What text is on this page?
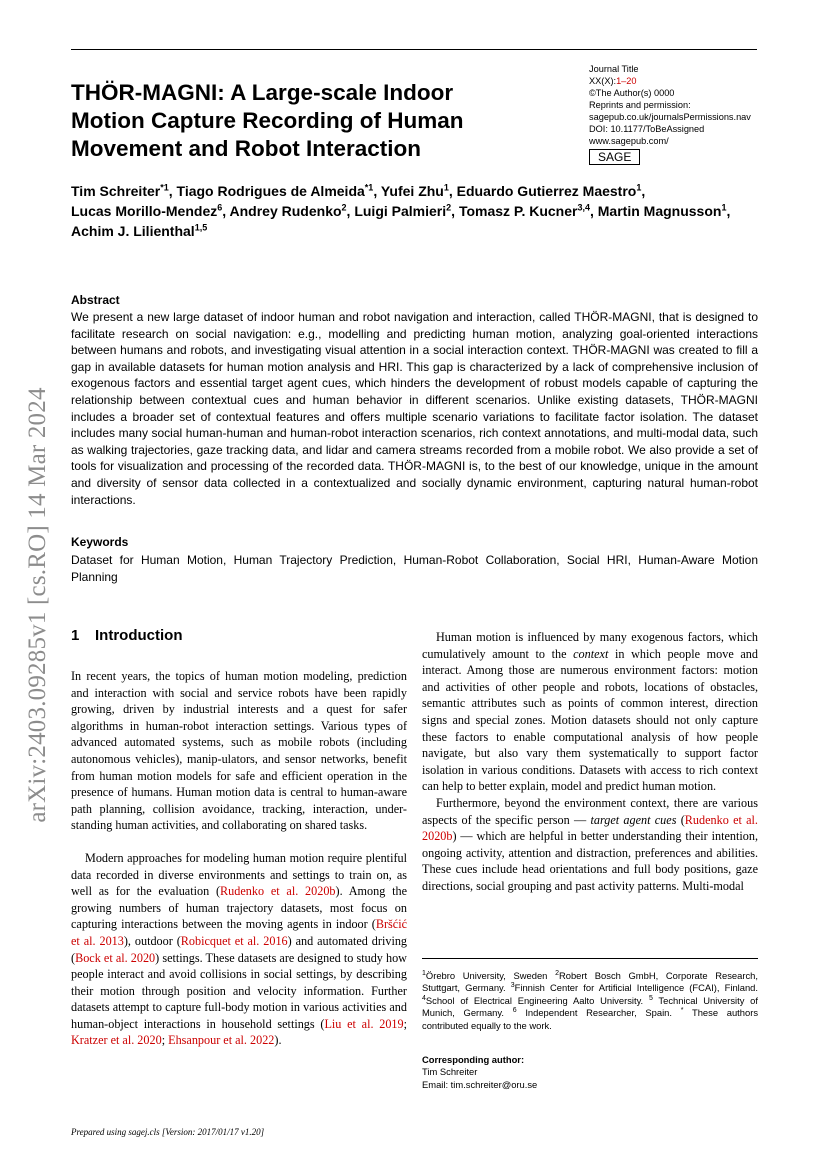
arXiv:2403.09285v1 [cs.RO] 14 Mar 2024
THÖR-MAGNI: A Large-scale Indoor
Motion Capture Recording of Human
Movement and Robot Interaction
Journal Title
XX(X):1–20
©The Author(s) 0000
Reprints and permission:
sagepub.co.uk/journalsPermissions.nav
DOI: 10.1177/ToBeAssigned
www.sagepub.com/
SAGE
Tim Schreiter$^{*1}$, Tiago Rodrigues de Almeida$^{*1}$, Yufei Zhu$^1$, Eduardo Gutierrez Maestro$^1$,
Lucas Morillo-Mendez$^6$, Andrey Rudenko$^2$, Luigi Palmieri$^2$, Tomasz P. Kucner$^{3,4}$, Martin Magnusson$^1$, Achim J. Lilienthal$^{1,5}$
Abstract
We present a new large dataset of indoor human and robot navigation and interaction, called THÖR-MAGNI, that is designed to facilitate research on social navigation: e.g., modelling and predicting human motion, analyzing goal-oriented interactions between humans and robots, and investigating visual attention in a social interaction context. THÖR-MAGNI was created to fill a gap in available datasets for human motion analysis and HRI. This gap is characterized by a lack of comprehensive inclusion of exogenous factors and essential target agent cues, which hinders the development of robust models capable of capturing the relationship between contextual cues and human behavior in different scenarios. Unlike existing datasets, THÖR-MAGNI includes a broader set of contextual features and offers multiple scenario variations to facilitate factor isolation. The dataset includes many social human-human and human-robot interaction scenarios, rich context annotations, and multi-modal data, such as walking trajectories, gaze tracking data, and lidar and camera streams recorded from a mobile robot. We also provide a set of tools for visualization and processing of the recorded data. THÖR-MAGNI is, to the best of our knowledge, unique in the amount and diversity of sensor data collected in a contextualized and socially dynamic environment, capturing natural human-robot interactions.
Keywords
Dataset for Human Motion, Human Trajectory Prediction, Human-Robot Collaboration, Social HRI, Human-Aware Motion Planning
1 Introduction

In recent years, the topics of human motion modeling, prediction and interaction with social and service robots have been rapidly growing, driven by industrial interests and a quest for safer algorithms in human-robot interaction settings. Various types of advanced automated systems, such as mobile robots (including autonomous vehicles), manip-ulators, and sensor networks, benefit from human motion models for safe and efficient operation in the presence of humans. Human motion data is central to human-aware path planning, collision avoidance, tracking, interaction, under-standing human activities, and collaborating on shared tasks.

Modern approaches for modeling human motion require plentiful data recorded in diverse environments and settings to train on, as well as for the evaluation (Rudenko et al. 2020b). Among the growing numbers of human trajectory datasets, most focus on capturing interactions between the moving agents in indoor (Bršćić et al. 2013), outdoor (Robicquet et al. 2016) and automated driving (Bock et al. 2020) settings. These datasets are designed to study how people interact and avoid collisions in social settings, by describing their motion through position and velocity information. Further datasets attempt to capture full-body motion in various activities and human-object interactions in household settings (Liu et al. 2019; Kratzer et al. 2020; Ehsanpour et al. 2022).

Human motion is influenced by many exogenous factors, which cumulatively amount to the context in which people move and interact. Among those are numerous environment factors: motion and activities of other people and robots, locations of obstacles, semantic attributes such as points of common interest, direction signs and special zones. Motion datasets should not only capture these factors to enable computational analysis of how people navigate, but also vary them systematically to support factor isolation in various conditions. Datasets with access to rich context can help to better explain, model and predict human motion.

Furthermore, beyond the environment context, there are various aspects of the specific person — target agent cues (Rudenko et al. 2020b) — which are helpful in better understanding their intention, ongoing activity, attention and distraction, preferences and abilities. These cues include head orientations and full body positions, gaze directions, social grouping and past activity patterns. Multi-modal

$^1$Örebro University, Sweden $^2$Robert Bosch GmbH, Corporate Research, Stuttgart, Germany. $^3$Finnish Center for Artificial Intelligence (FCAI), Finland. $^4$School of Electrical Engineering Aalto University. $^5$ Technical University of Munich, Germany. $^6$ Independent Researcher, Spain. * These authors contributed equally to the work.
Corresponding author:
Tim Schreiter
Email: tim.schreiter@oru.se
Prepared using sagej.cls [Version: 2017/01/17 v1.20]
